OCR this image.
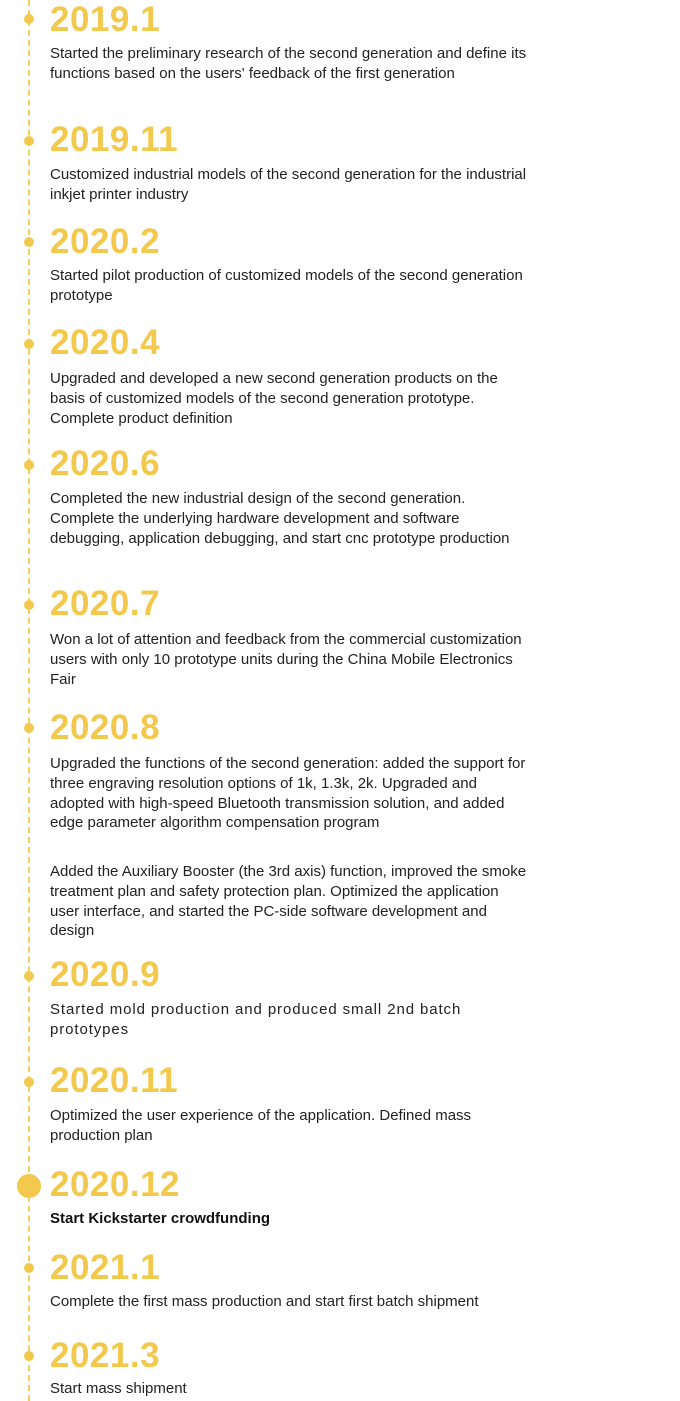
2019.1

Started the preliminary research of the second generation and define its functions based on the users' feedback of the first generation

2019.11

Customized industrial models of the second generation for the industrial inkjet printer industry

2020.2

Started pilot production of customized models of the second generation prototype

2020.4

Upgraded and developed a new second generation products on the basis of customized models of the second generation prototype. Complete product definition

2020.6

Completed the new industrial design of the second generation. Complete the underlying hardware development and software debugging, application debugging, and start cnc prototype production

2020.7

Won a lot of attention and feedback from the commercial customization users with only 10 prototype units during the China Mobile Electronics Fair

2020.8

Upgraded the functions of the second generation: added the support for three engraving resolution options of 1k, 1.3k, 2k. Upgraded and adopted with high-speed Bluetooth transmission solution, and added edge parameter algorithm compensation program

Added the Auxiliary Booster (the 3rd axis) function, improved the smoke treatment plan and safety protection plan. Optimized the application user interface, and started the PC-side software development and design

2020.9

Started mold production and produced small 2nd batch prototypes

2020.11

Optimized the user experience of the application. Defined mass production plan

2020.12

Start Kickstarter crowdfunding

2021.1

Complete the first mass production and start first batch shipment

2021.3

Start mass shipment
